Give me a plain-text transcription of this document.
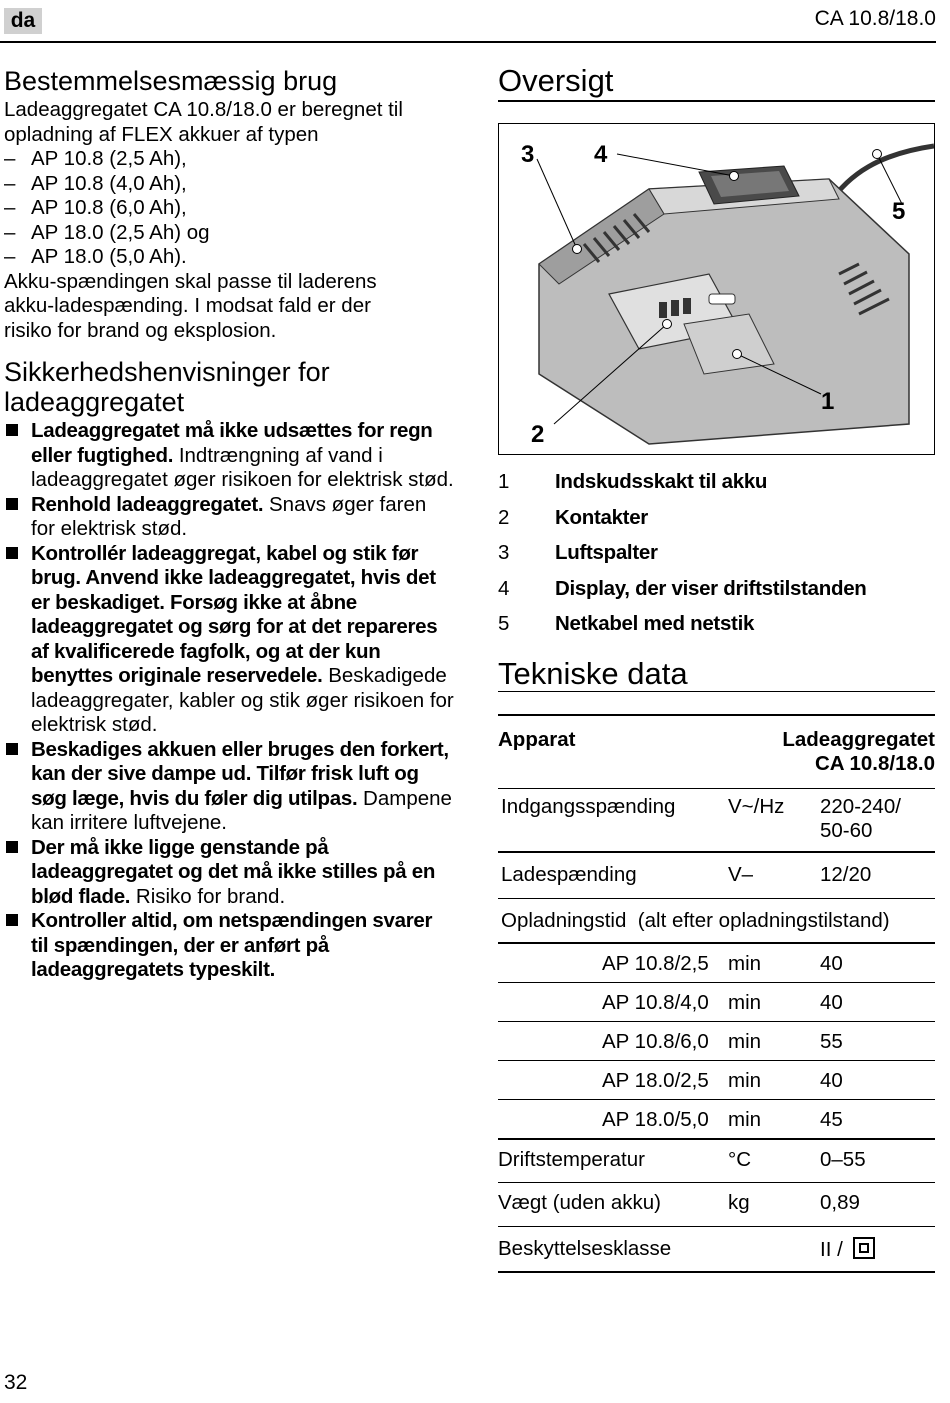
da	CA 10.8/18.0
Bestemmelsesmæssig brug
Ladeaggregatet CA 10.8/18.0 er beregnet til
opladning af FLEX akkuer af typen
– AP 10.8 (2,5 Ah),
– AP 10.8 (4,0 Ah),
– AP 10.8 (6,0 Ah),
– AP 18.0 (2,5 Ah) og
– AP 18.0 (5,0 Ah).
Akku-spændingen skal passe til laderens
akku-ladespænding. I modsat fald er der
risiko for brand og eksplosion.
Sikkerhedshenvisninger for
ladeaggregatet
Ladeaggregatet må ikke udsættes for regn eller fugtighed. Indtrængning af vand i ladeaggregatet øger risikoen for elektrisk stød.
Renhold ladeaggregatet. Snavs øger faren for elektrisk stød.
Kontrollér ladeaggregat, kabel og stik før brug. Anvend ikke ladeaggregatet, hvis det er beskadiget. Forsøg ikke at åbne ladeaggregatet og sørg for at det repareres af kvalificerede fagfolk, og at der kun benyttes originale reservedele. Beskadigede ladeaggregater, kabler og stik øger risikoen for elektrisk stød.
Beskadiges akkuen eller bruges den forkert, kan der sive dampe ud. Tilfør frisk luft og søg læge, hvis du føler dig utilpas. Dampene kan irritere luftvejene.
Der må ikke ligge genstande på ladeaggregatet og det må ikke stilles på en blød flade. Risiko for brand.
Kontroller altid, om netspændingen svarer til spændingen, der er anført på ladeaggregatets typeskilt.
Oversigt
1
2
3 4
5
1	Indskudsskakt til akku
2	Kontakter
3	Luftspalter
4	Display, der viser driftstilstanden
5	Netkabel med netstik
Tekniske data
Apparat	Ladeaggregatet
CA 10.8/18.0	

Indgangsspænding	V~/Hz	220-240/
50-60

Ladespænding	V–	12/20
Opladningstid (alt efter opladningstilstand)		
AP 10.8/2,5	min	40
AP 10.8/4,0	min	40
AP 10.8/6,0	min	55
AP 18.0/2,5	min	40
AP 18.0/5,0	min	45
Driftstemperatur	°C	0–55
Vægt (uden akku)	kg	0,89
Beskyttelsesklasse		II /
32
